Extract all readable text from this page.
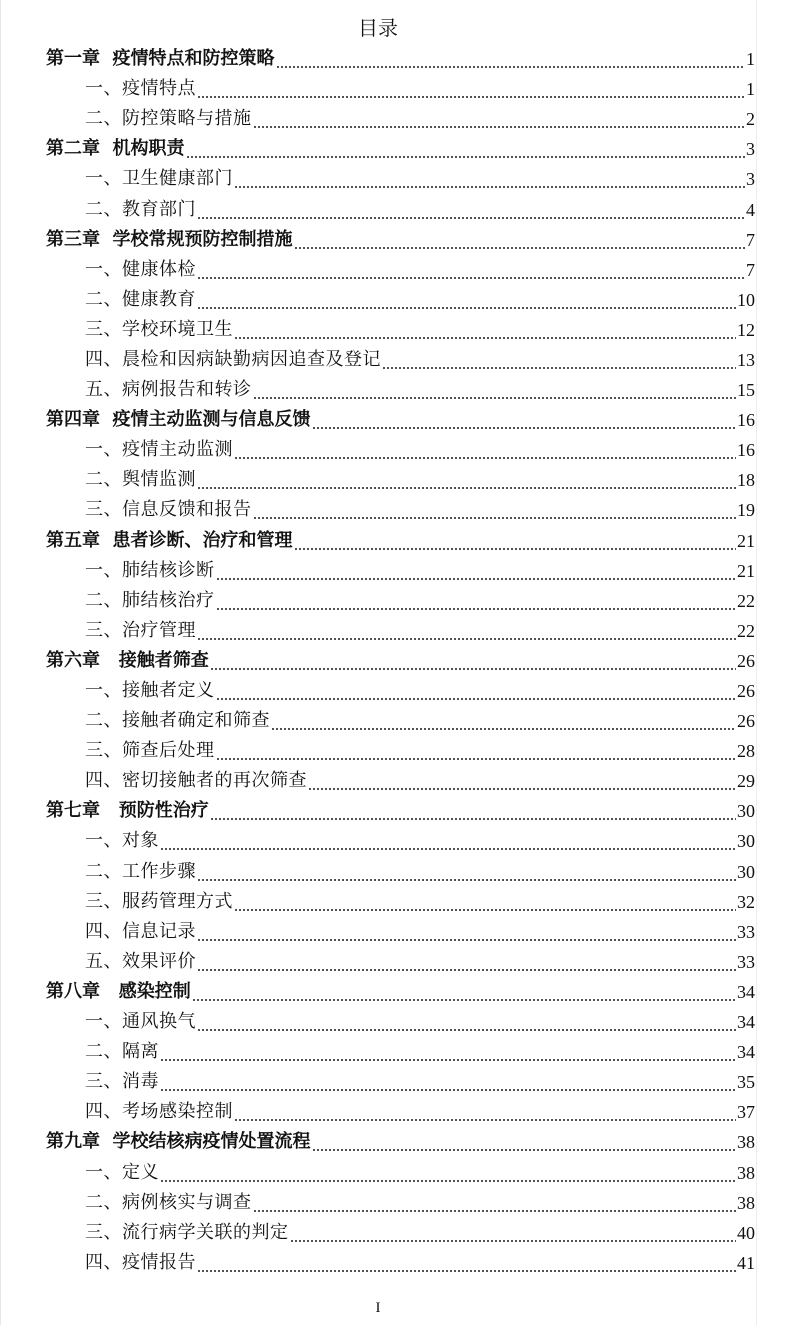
目录
第一章  疫情特点和防控策略	1
一、疫情特点	1
二、防控策略与措施	2
第二章  机构职责	3
一、卫生健康部门	3
二、教育部门	4
第三章  学校常规预防控制措施	7
一、健康体检	7
二、健康教育	10
三、学校环境卫生	12
四、晨检和因病缺勤病因追查及登记	13
五、病例报告和转诊	15
第四章  疫情主动监测与信息反馈	16
一、疫情主动监测	16
二、舆情监测	18
三、信息反馈和报告	19
第五章  患者诊断、治疗和管理	21
一、肺结核诊断	21
二、肺结核治疗	22
三、治疗管理	22
第六章   接触者筛查	26
一、接触者定义	26
二、接触者确定和筛查	26
三、筛查后处理	28
四、密切接触者的再次筛查	29
第七章   预防性治疗	30
一、对象	30
二、工作步骤	30
三、服药管理方式	32
四、信息记录	33
五、效果评价	33
第八章   感染控制	34
一、通风换气	34
二、隔离	34
三、消毒	35
四、考场感染控制	37
第九章  学校结核病疫情处置流程	38
一、定义	38
二、病例核实与调查	38
三、流行病学关联的判定	40
四、疫情报告	41
I
